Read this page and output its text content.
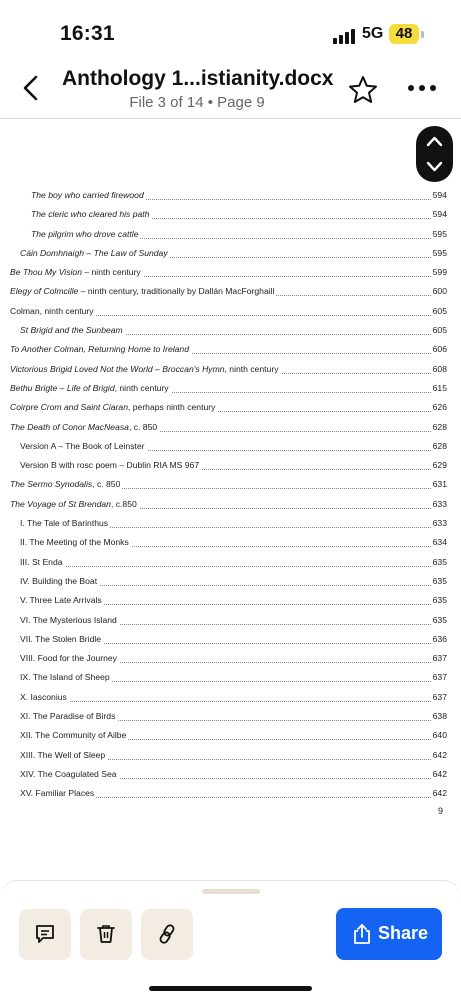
16:31	5G 48
Anthology 1...istianity.docx
File 3 of 14 • Page 9
The boy who carried firewood	594
The cleric who cleared his path	594
The pilgrim who drove cattle	595
Cáin Domhnaigh – The Law of Sunday	595
Be Thou My Vision – ninth century	599
Elegy of Colmcille – ninth century, traditionally by Dallán MacForghaill	600
Colman, ninth century	605
St Brigid and the Sunbeam	605
To Another Colman, Returning Home to Ireland	606
Victorious Brigid Loved Not the World – Broccan's Hymn, ninth century	608
Bethu Brigte – Life of Brigid, ninth century	615
Coirpre Crom and Saint Ciaran, perhaps ninth century	626
The Death of Conor MacNeasa, c. 850	628
Version A – The Book of Leinster	628
Version B with rosc poem – Dublin RIA MS 967	629
The Sermo Synodalis, c. 850	631
The Voyage of St Brendan, c.850	633
I. The Tale of Barinthus	633
II. The Meeting of the Monks	634
III. St Enda	635
IV. Building the Boat	635
V. Three Late Arrivals	635
VI. The Mysterious Island	635
VII. The Stolen Bridle	636
VIII. Food for the Journey	637
IX. The Island of Sheep	637
X. Iasconius	637
XI. The Paradise of Birds	638
XII. The Community of Ailbe	640
XIII. The Well of Sleep	642
XIV. The Coagulated Sea	642
XV. Familiar Places	642
9
Share
